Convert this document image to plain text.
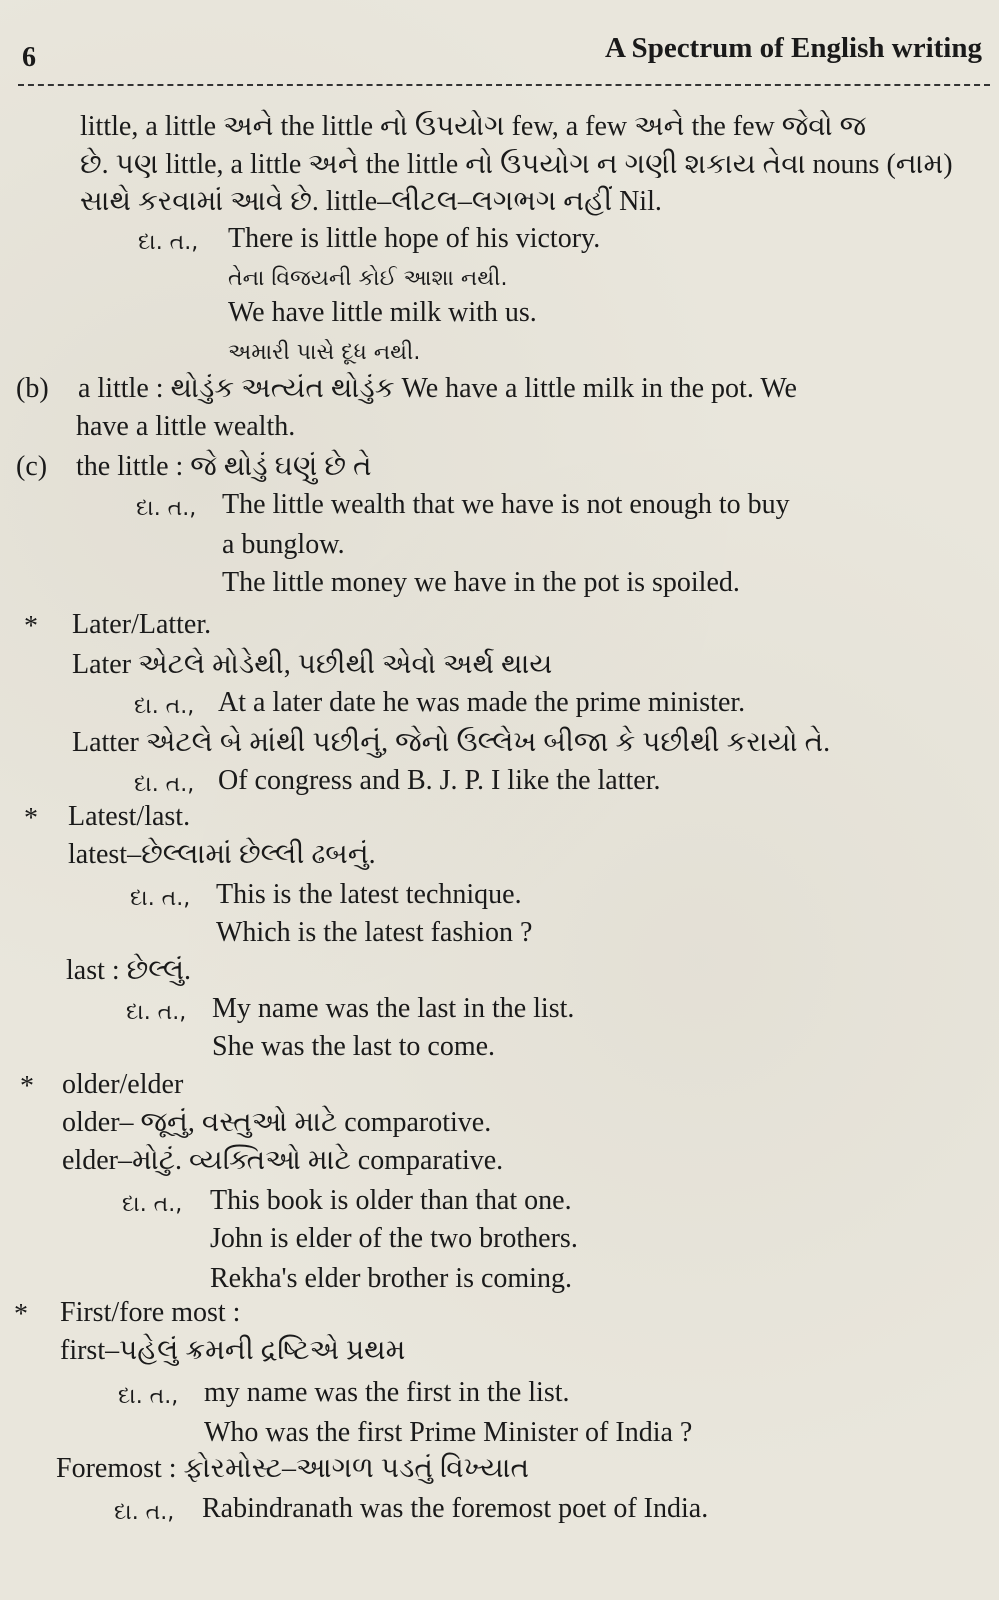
6	A Spectrum of English writing
little, a little અને the little નો ઉપયોગ few, a few અને the few જેવો જ
છે. પણ little, a little અને the little નો ઉપયોગ ન ગણી શકાય તેવા nouns (નામ)
સાથે કરવામાં આવે છે. little–લીટલ–લગભગ નહીં Nil.
દા. ત., There is little hope of his victory.
તેના વિજયની કોઈ આશા નથી.
We have little milk with us.
અમારી પાસે દૂધ નથી.
(b) a little : થોડુંક અત્યંત થોડુંક We have a little milk in the pot. We
have a little wealth.
(c) the little : જે થોડું ઘણું છે તે
દા. ત., The little wealth that we have is not enough to buy
a bunglow.
The little money we have in the pot is spoiled.
* Later/Latter.
Later એટલે મોડેથી, પછીથી એવો અર્થ થાય
દા. ત., At a later date he was made the prime minister.
Latter એટલે બે માંથી પછીનું, જેનો ઉલ્લેખ બીજા કે પછીથી કરાયો તે.
દા. ત., Of congress and B. J. P. I like the latter.
* Latest/last.
latest–છેલ્લામાં છેલ્લી ઢબનું.
દા. ત., This is the latest technique.
Which is the latest fashion ?
last : છેલ્લું.
દા. ત., My name was the last in the list.
She was the last to come.
* older/elder
older– જૂનું, વસ્તુઓ માટે comparotive.
elder–મોટું. વ્યક્તિઓ માટે comparative.
દા. ત., This book is older than that one.
John is elder of the two brothers.
Rekha's elder brother is coming.
* First/fore most :
first–પહેલું ક્રમની દ્રષ્ટિએ પ્રથમ
દા. ત., my name was the first in the list.
Who was the first Prime Minister of India ?
Foremost : ફોરમોસ્ટ–આગળ પડતું વિખ્યાત
દા. ત., Rabindranath was the foremost poet of India.
